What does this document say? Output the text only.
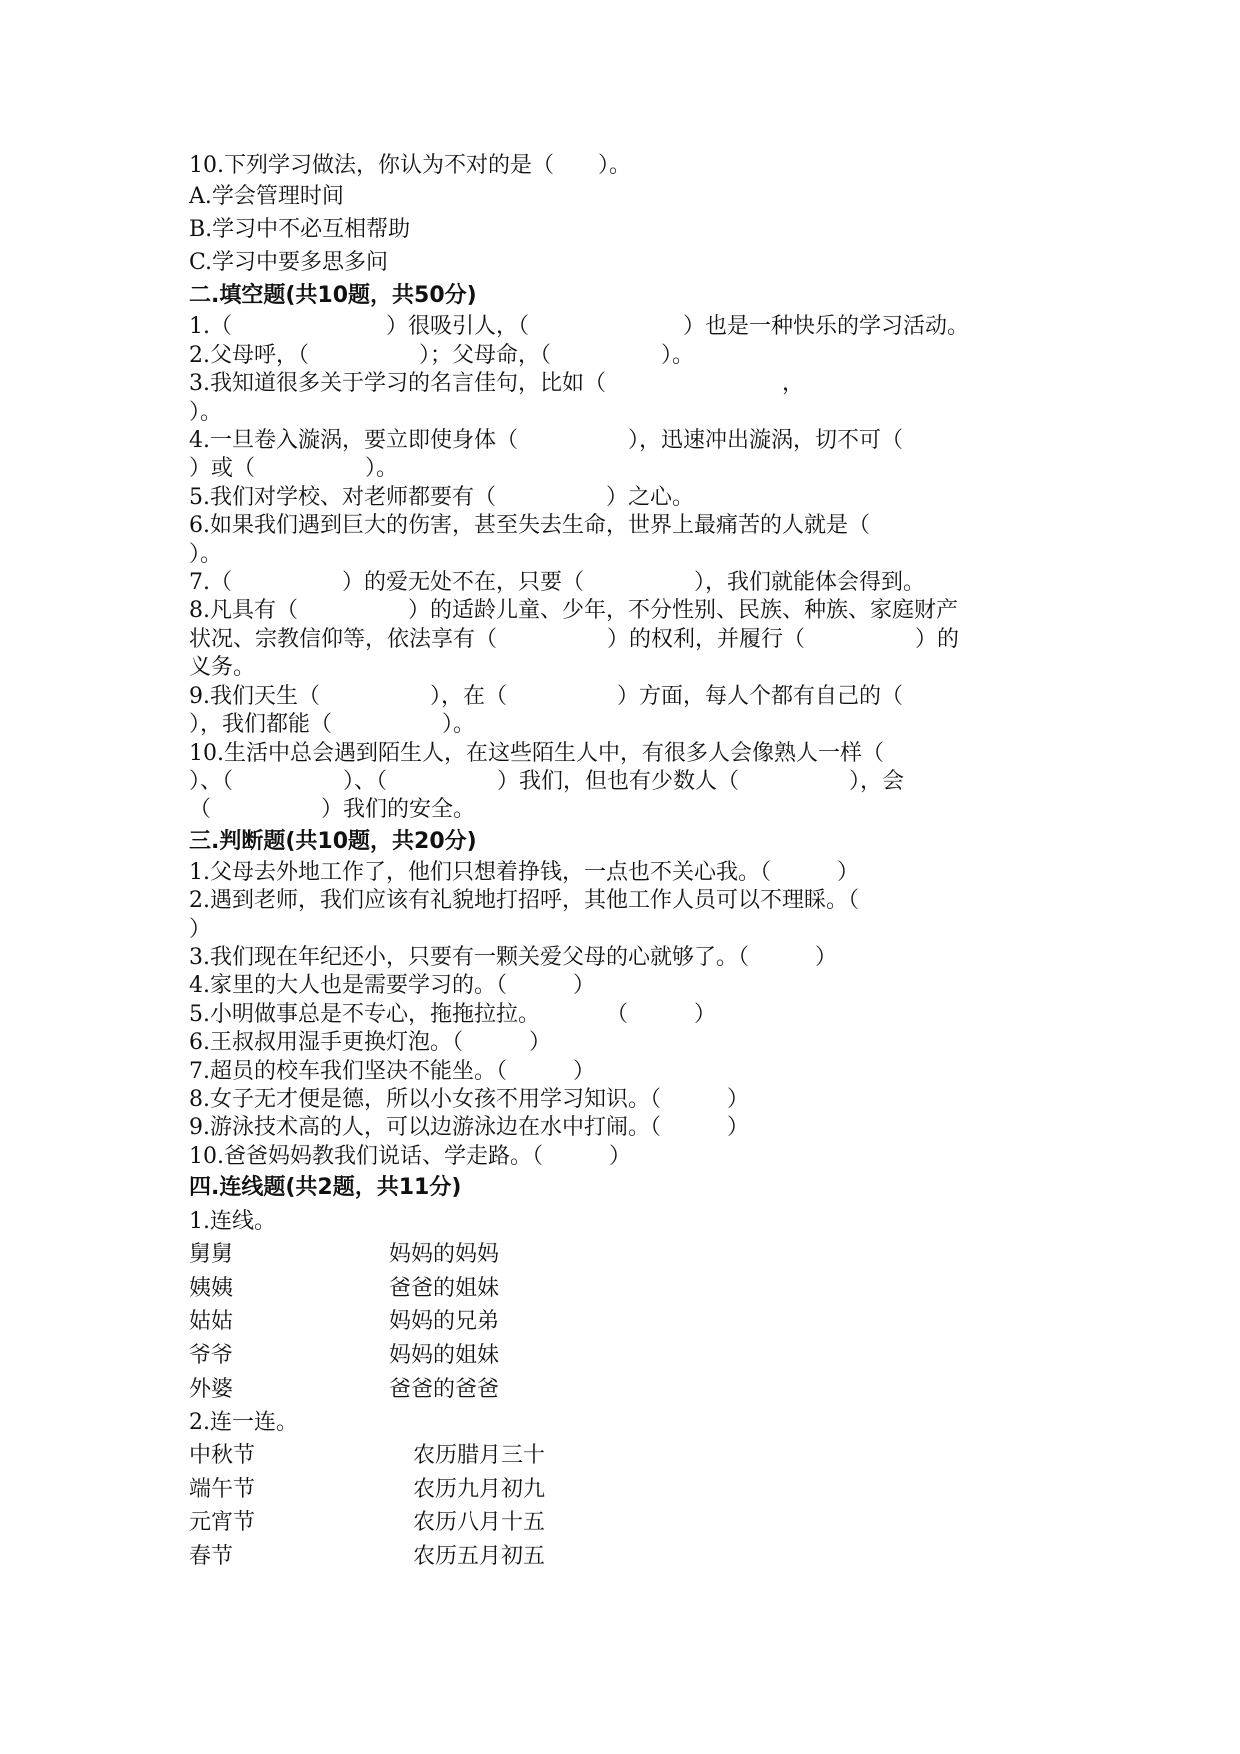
10.下列学习做法，你认为不对的是（　　）。
A.学会管理时间
B.学习中不必互相帮助
C.学习中要多思多问
二.填空题(共10题，共50分)
1.（　　　　　　　）很吸引人，（　　　　　　　）也是一种快乐的学习活动。
2.父母呼，（　　　　　）；父母命，（　　　　　）。
3.我知道很多关于学习的名言佳句，比如（　　　　　　　　，
）。
4.一旦卷入漩涡，要立即使身体（　　　　　），迅速冲出漩涡，切不可（
）或（　　　　　）。
5.我们对学校、对老师都要有（　　　　　）之心。
6.如果我们遇到巨大的伤害，甚至失去生命，世界上最痛苦的人就是（
）。
7.（　　　　　）的爱无处不在，只要（　　　　　），我们就能体会得到。
8.凡具有（　　　　　）的适龄儿童、少年，不分性别、民族、种族、家庭财产
状况、宗教信仰等，依法享有（　　　　　）的权利，并履行（　　　　　）的
义务。
9.我们天生（　　　　　），在（　　　　　）方面，每人个都有自己的（
），我们都能（　　　　　）。
10.生活中总会遇到陌生人，在这些陌生人中，有很多人会像熟人一样（
）、（　　　　　）、（　　　　　）我们，但也有少数人（　　　　　），会
（　　　　　）我们的安全。
三.判断题(共10题，共20分)
1.父母去外地工作了，他们只想着挣钱，一点也不关心我。（　　　）
2.遇到老师，我们应该有礼貌地打招呼，其他工作人员可以不理睬。（
）
3.我们现在年纪还小，只要有一颗关爱父母的心就够了。（　　　）
4.家里的大人也是需要学习的。（　　　）
5.小明做事总是不专心，拖拖拉拉。　　　　（　　　）
6.王叔叔用湿手更换灯泡。（　　　）
7.超员的校车我们坚决不能坐。（　　　）
8.女子无才便是德，所以小女孩不用学习知识。（　　　）
9.游泳技术高的人，可以边游泳边在水中打闹。（　　　）
10.爸爸妈妈教我们说话、学走路。（　　　）
四.连线题(共2题，共11分)
1.连线。
舅舅	妈妈的妈妈
姨姨	爸爸的姐妹
姑姑	妈妈的兄弟
爷爷	妈妈的姐妹
外婆	爸爸的爸爸
2.连一连。
中秋节	农历腊月三十
端午节	农历九月初九
元宵节	农历八月十五
春节	农历五月初五
